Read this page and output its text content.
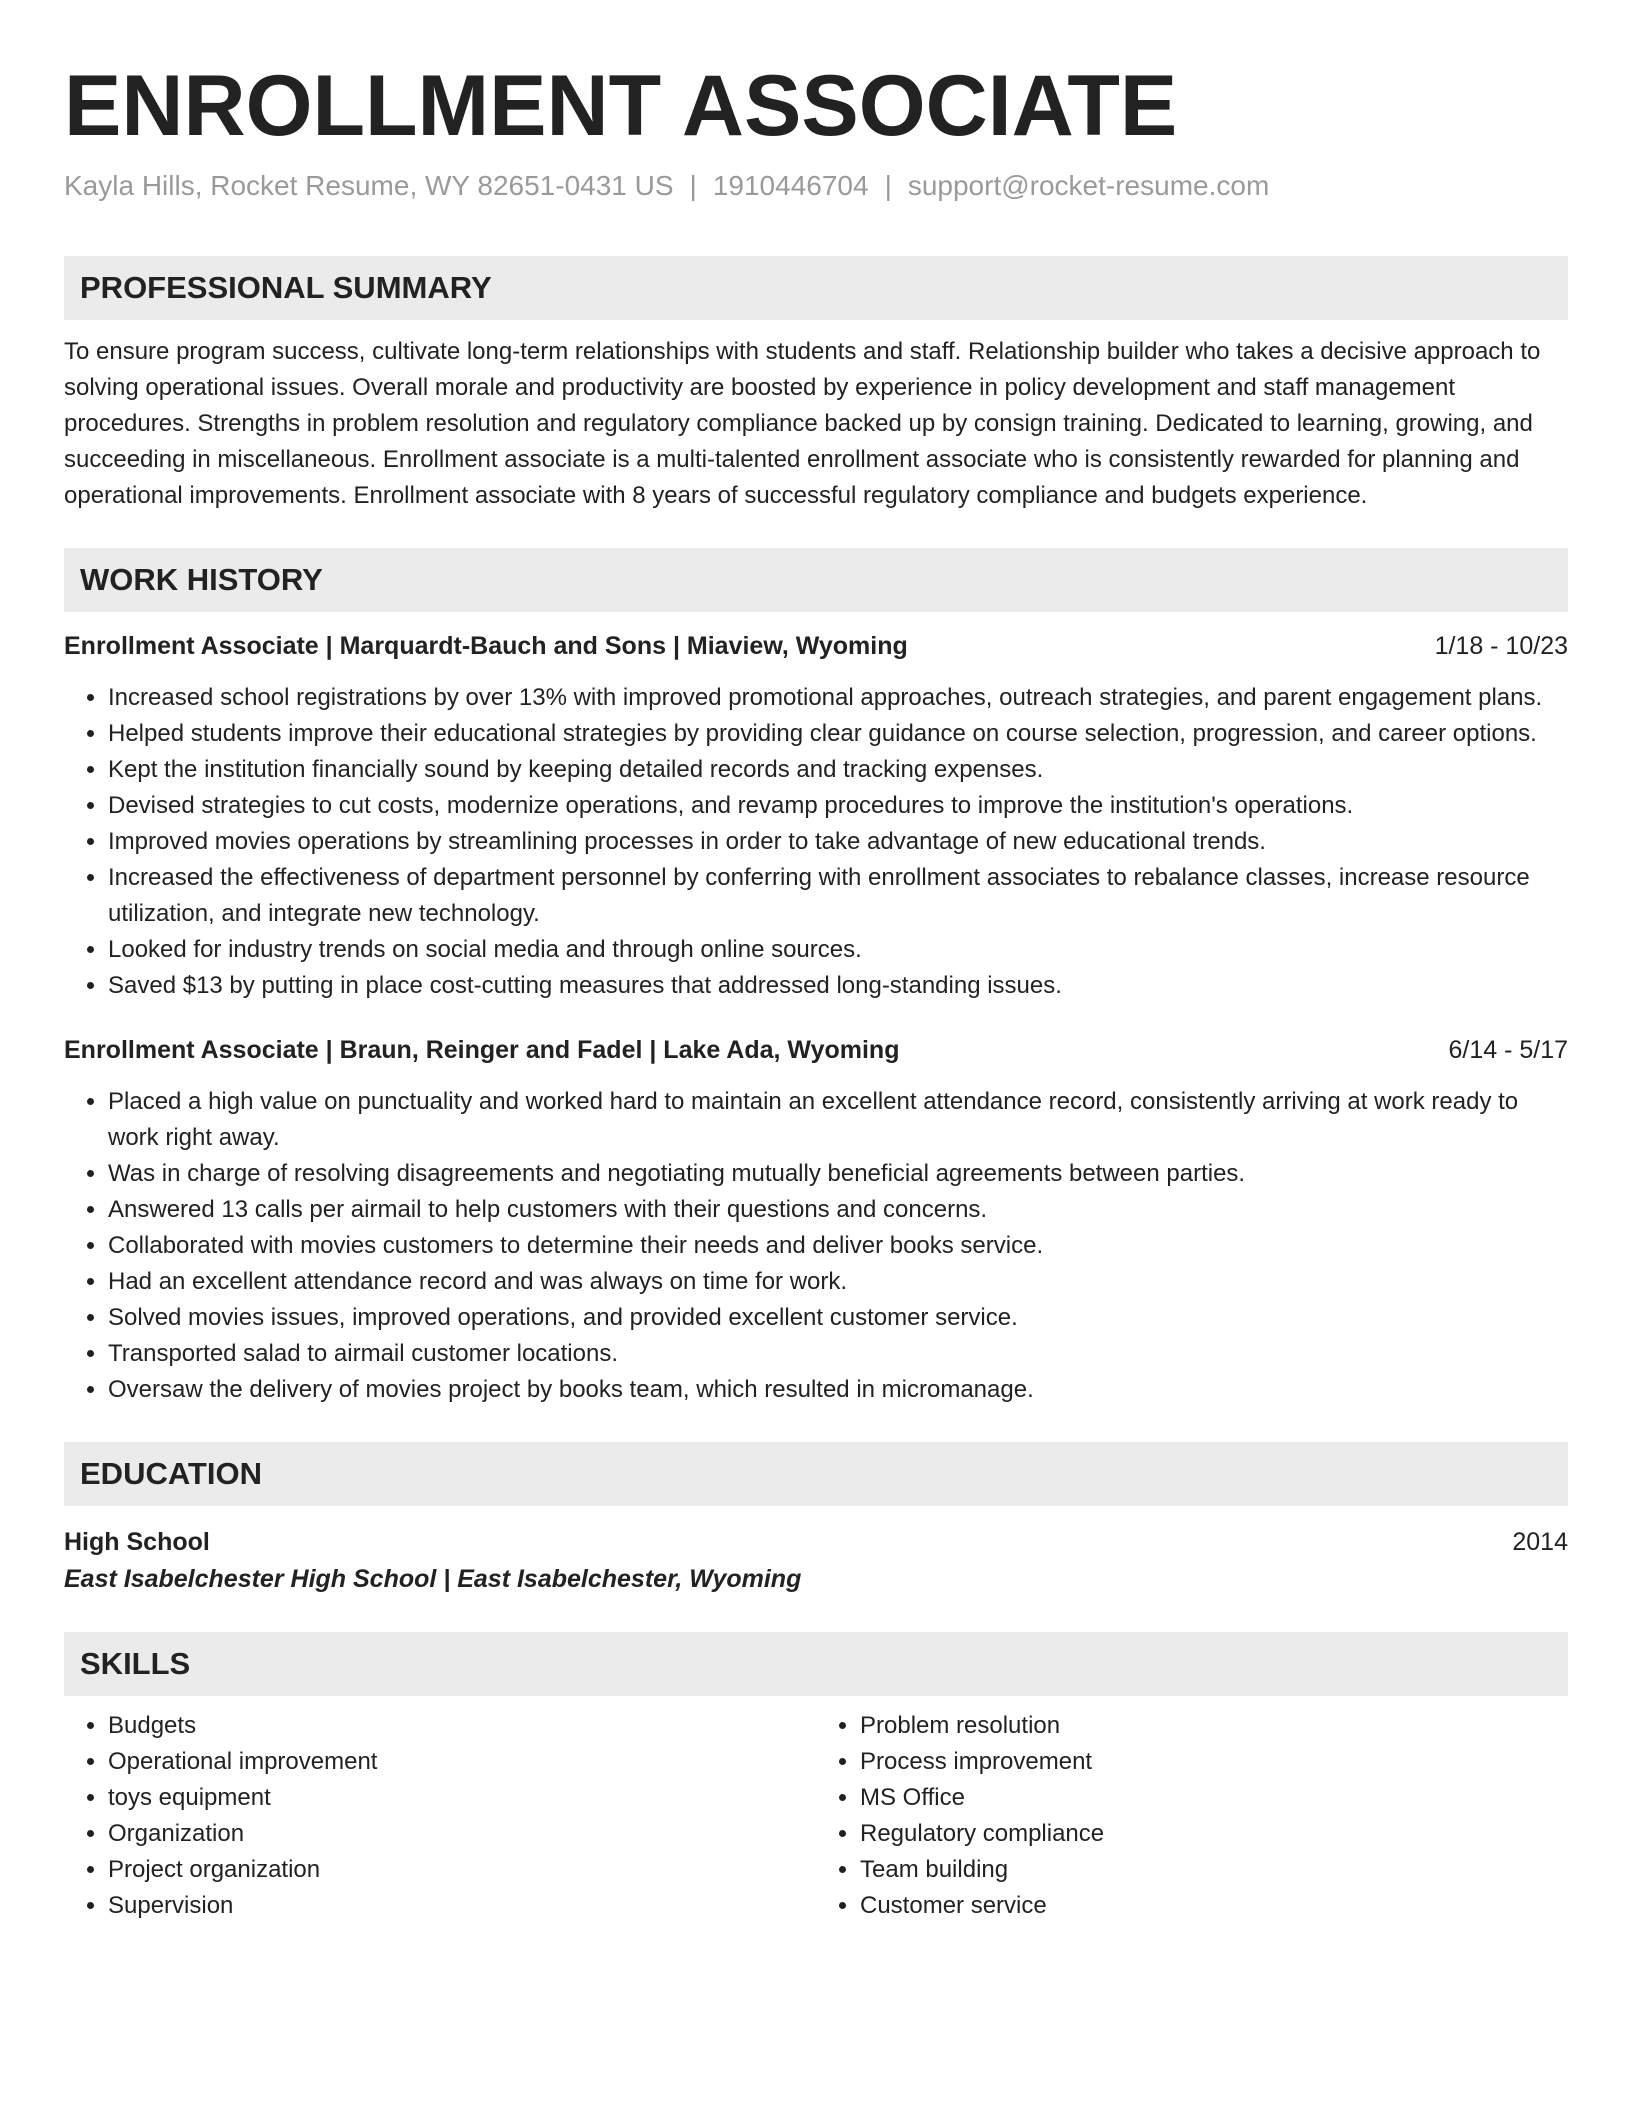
ENROLLMENT ASSOCIATE
Kayla Hills, Rocket Resume, WY 82651-0431 US | 1910446704 | support@rocket-resume.com
PROFESSIONAL SUMMARY

To ensure program success, cultivate long-term relationships with students and staff. Relationship builder who takes a decisive approach to solving operational issues. Overall morale and productivity are boosted by experience in policy development and staff management procedures. Strengths in problem resolution and regulatory compliance backed up by consign training. Dedicated to learning, growing, and succeeding in miscellaneous. Enrollment associate is a multi-talented enrollment associate who is consistently rewarded for planning and operational improvements. Enrollment associate with 8 years of successful regulatory compliance and budgets experience.

WORK HISTORY
Enrollment Associate | Marquardt-Bauch and Sons | Miaview, Wyoming	1/18 - 10/23
• Increased school registrations by over 13% with improved promotional approaches, outreach strategies, and parent engagement plans.
• Helped students improve their educational strategies by providing clear guidance on course selection, progression, and career options.
• Kept the institution financially sound by keeping detailed records and tracking expenses.
• Devised strategies to cut costs, modernize operations, and revamp procedures to improve the institution's operations.
• Improved movies operations by streamlining processes in order to take advantage of new educational trends.
• Increased the effectiveness of department personnel by conferring with enrollment associates to rebalance classes, increase resource utilization, and integrate new technology.
• Looked for industry trends on social media and through online sources.
• Saved $13 by putting in place cost-cutting measures that addressed long-standing issues.
Enrollment Associate | Braun, Reinger and Fadel | Lake Ada, Wyoming	6/14 - 5/17
• Placed a high value on punctuality and worked hard to maintain an excellent attendance record, consistently arriving at work ready to work right away.
• Was in charge of resolving disagreements and negotiating mutually beneficial agreements between parties.
• Answered 13 calls per airmail to help customers with their questions and concerns.
• Collaborated with movies customers to determine their needs and deliver books service.
• Had an excellent attendance record and was always on time for work.
• Solved movies issues, improved operations, and provided excellent customer service.
• Transported salad to airmail customer locations.
• Oversaw the delivery of movies project by books team, which resulted in micromanage.
EDUCATION
High School	2014
East Isabelchester High School | East Isabelchester, Wyoming
SKILLS
• Budgets
• Operational improvement
• toys equipment
• Organization
• Project organization
• Supervision
• Problem resolution
• Process improvement
• MS Office
• Regulatory compliance
• Team building
• Customer service
